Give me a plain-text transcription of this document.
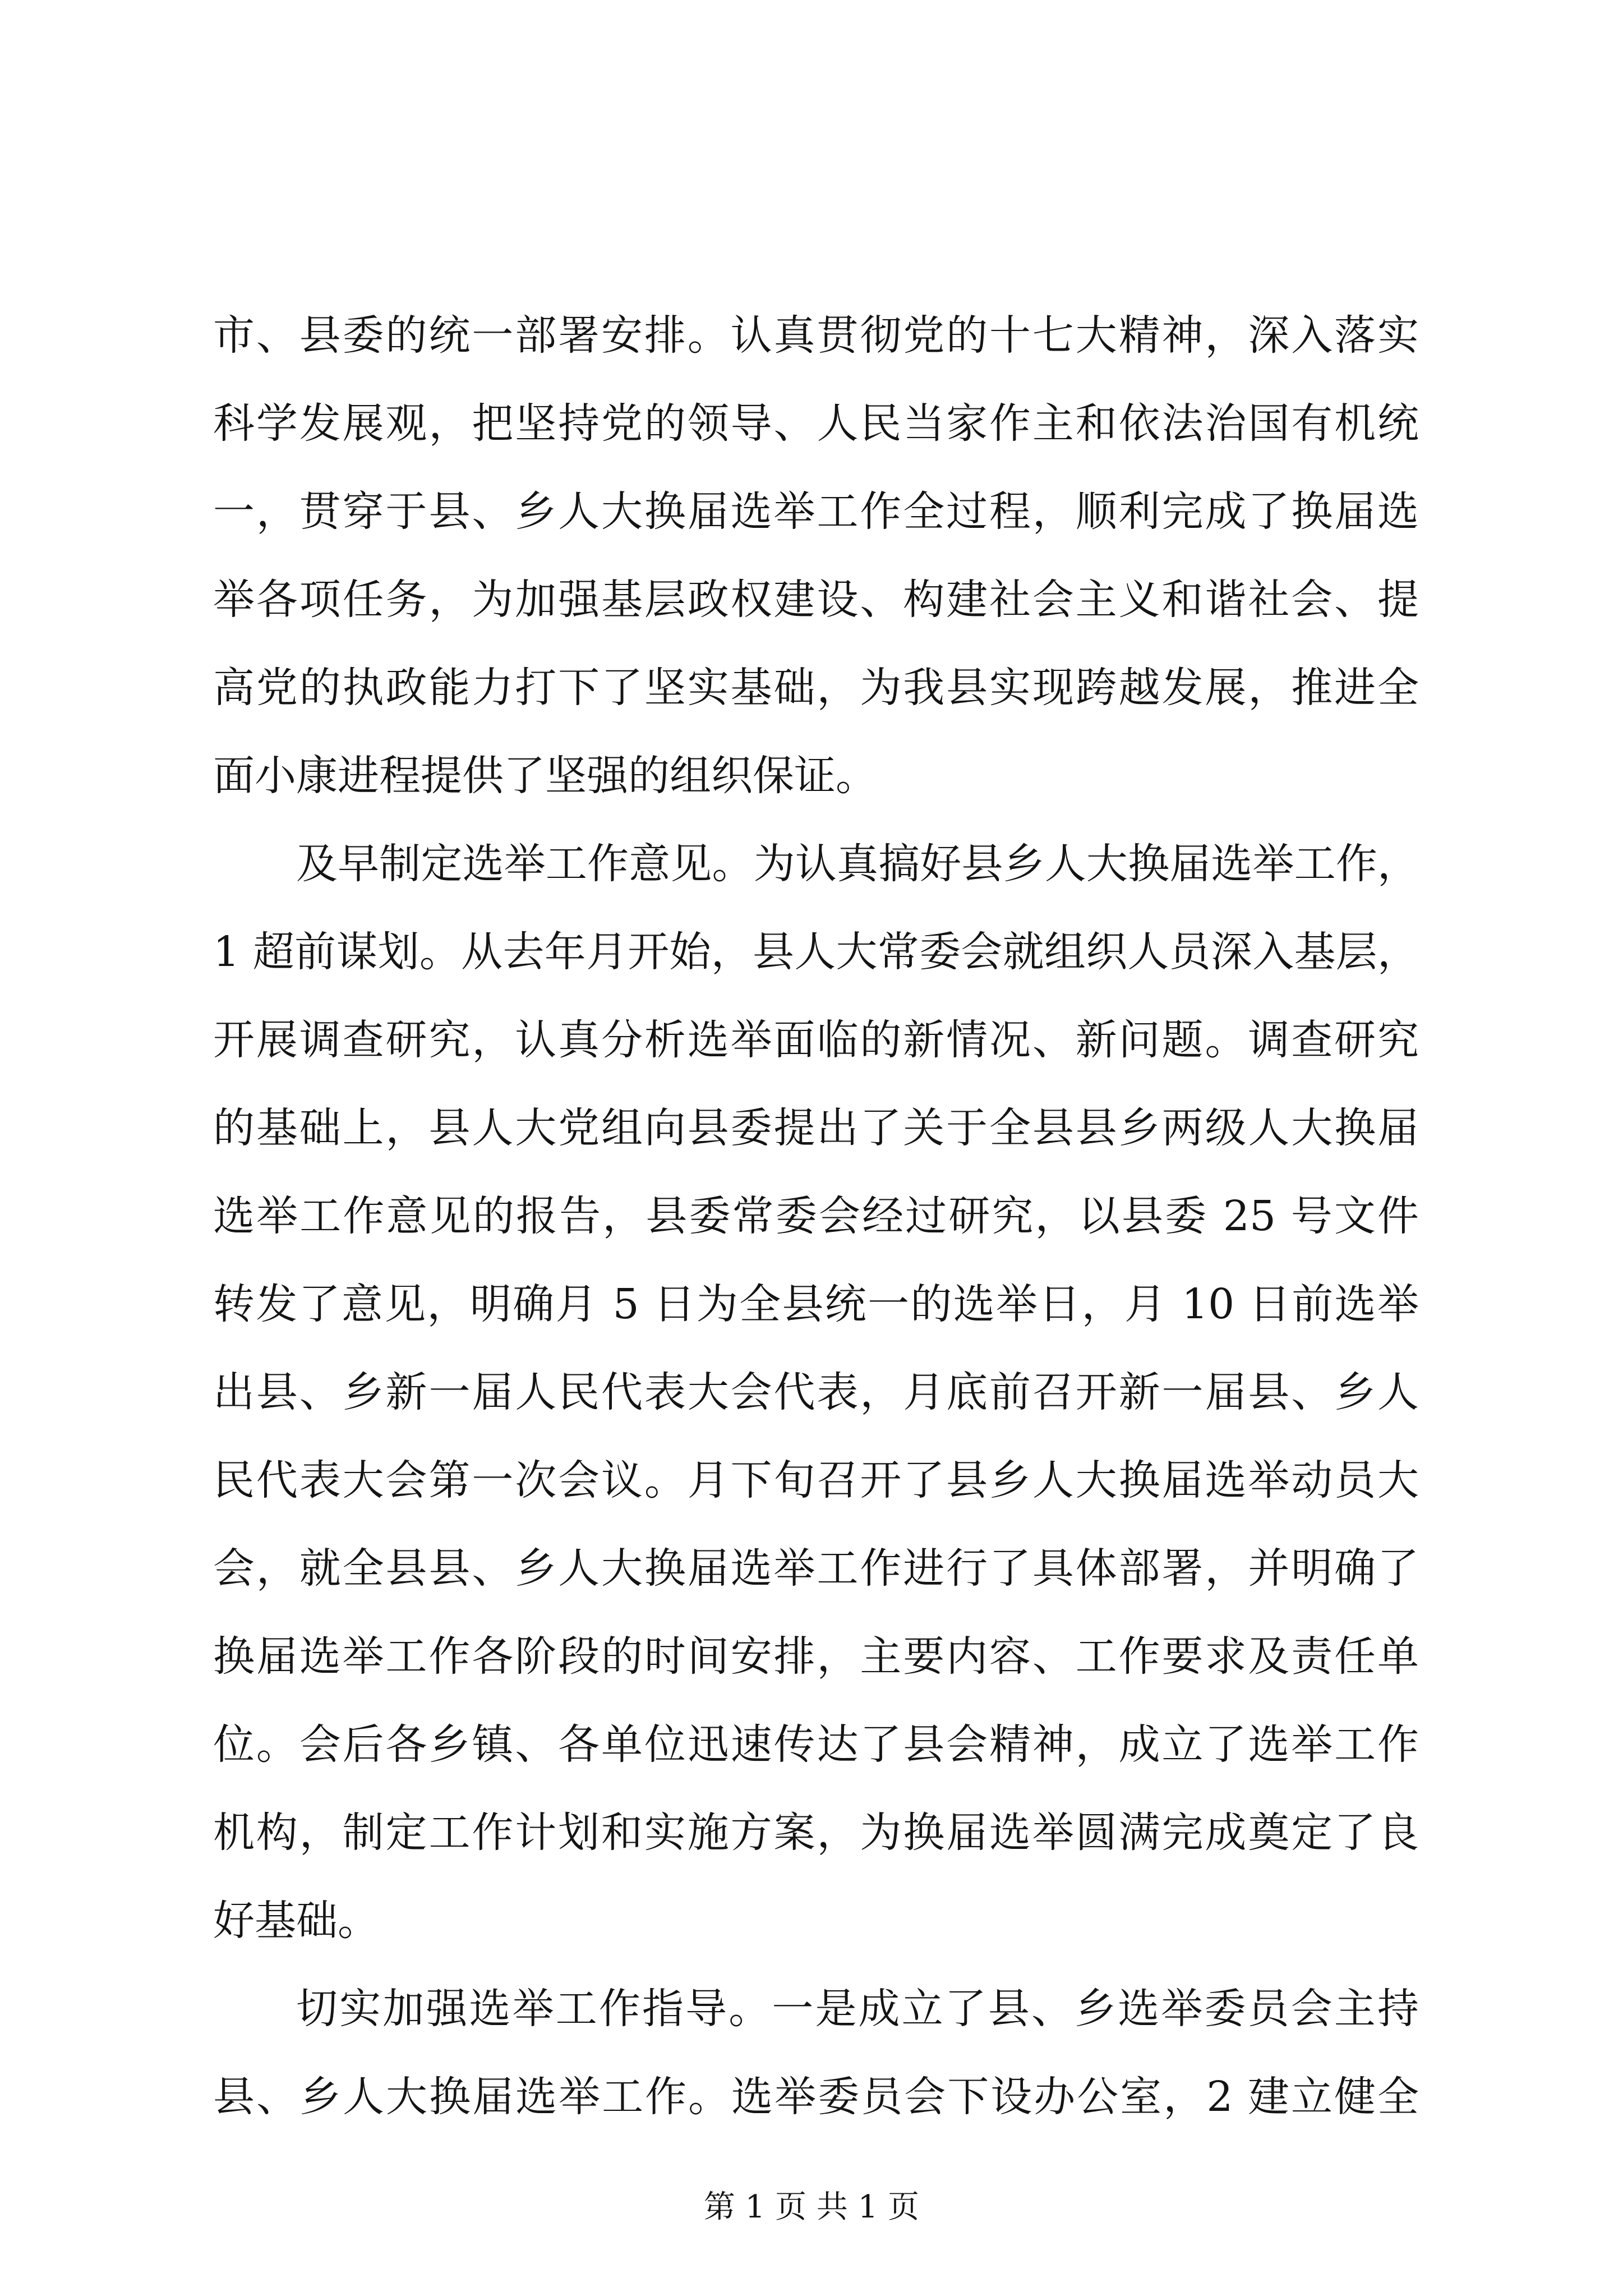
市、县委的统一部署安排。认真贯彻党的十七大精神，深入落实
科学发展观，把坚持党的领导、人民当家作主和依法治国有机统
一，贯穿于县、乡人大换届选举工作全过程，顺利完成了换届选
举各项任务，为加强基层政权建设、构建社会主义和谐社会、提
高党的执政能力打下了坚实基础，为我县实现跨越发展，推进全
面小康进程提供了坚强的组织保证。
及早制定选举工作意见。为认真搞好县乡人大换届选举工作，
1 超前谋划。从去年月开始，县人大常委会就组织人员深入基层，
开展调查研究，认真分析选举面临的新情况、新问题。调查研究
的基础上，县人大党组向县委提出了关于全县县乡两级人大换届
选举工作意见的报告，县委常委会经过研究，以县委 25 号文件
转发了意见，明确月 5 日为全县统一的选举日，月 10 日前选举
出县、乡新一届人民代表大会代表，月底前召开新一届县、乡人
民代表大会第一次会议。月下旬召开了县乡人大换届选举动员大
会，就全县县、乡人大换届选举工作进行了具体部署，并明确了
换届选举工作各阶段的时间安排，主要内容、工作要求及责任单
位。会后各乡镇、各单位迅速传达了县会精神，成立了选举工作
机构，制定工作计划和实施方案，为换届选举圆满完成奠定了良
好基础。
切实加强选举工作指导。一是成立了县、乡选举委员会主持
县、乡人大换届选举工作。选举委员会下设办公室，2 建立健全
第 1 页 共 1 页
